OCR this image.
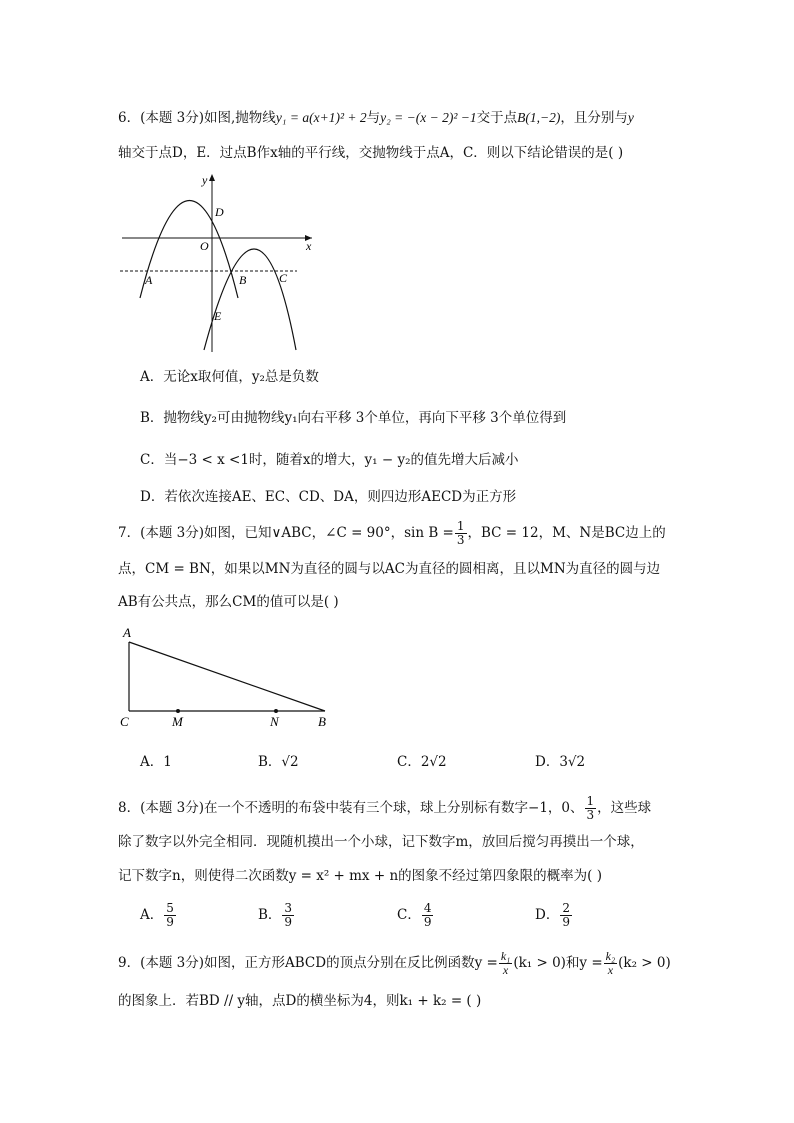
6．(本题 3分)如图,抛物线y₁ = a(x+1)² + 2与y₂ = −(x − 2)² −1交于点B(1,−2)，且分别与y
轴交于点D，E．过点B作x轴的平行线，交抛物线于点A，C．则以下结论错误的是( )
y
x
O
D
A	B	C
E
A．无论x取何值，y₂总是负数
B．抛物线y₂可由抛物线y₁向右平移 3个单位，再向下平移 3个单位得到
C．当−3 < x <1时，随着x的增大，y₁ − y₂的值先增大后减小
D．若依次连接AE、EC、CD、DA，则四边形AECD为正方形
7．(本题 3分)如图，已知∨ABC，∠C = 90°，$\sin B = \frac{1}{3}$ ，BC = 12，M、N是BC边上的
点，CM = BN，如果以MN为直径的圆与以AC为直径的圆相离，且以MN为直径的圆与边
AB有公共点，那么CM的值可以是( )
A
C	M	N	B
A．1	B．√2	C．2√2	D．3√2
8．(本题 3分)在一个不透明的布袋中装有三个球，球上分别标有数字−1，0、 $\frac{1}{3}$ ，这些球
除了数字以外完全相同．现随机摸出一个小球，记下数字m，放回后搅匀再摸出一个球，
记下数字n，则使得二次函数y = x² + mx + n的图象不经过第四象限的概率为( )
A． $\frac{5}{9}$	B． $\frac{3}{9}$	C． $\frac{4}{9}$	D． $\frac{2}{9}$
9．(本题 3分)如图，正方形ABCD的顶点分别在反比例函数$y = \frac{\text{k₁}}{x} (k_1 > 0)$和$y = \frac{\text{k₂}}{x} (k_2 > 0)$
的图象上．若BD // y轴，点D的横坐标为4，则k₁ + k₂ = ( )
